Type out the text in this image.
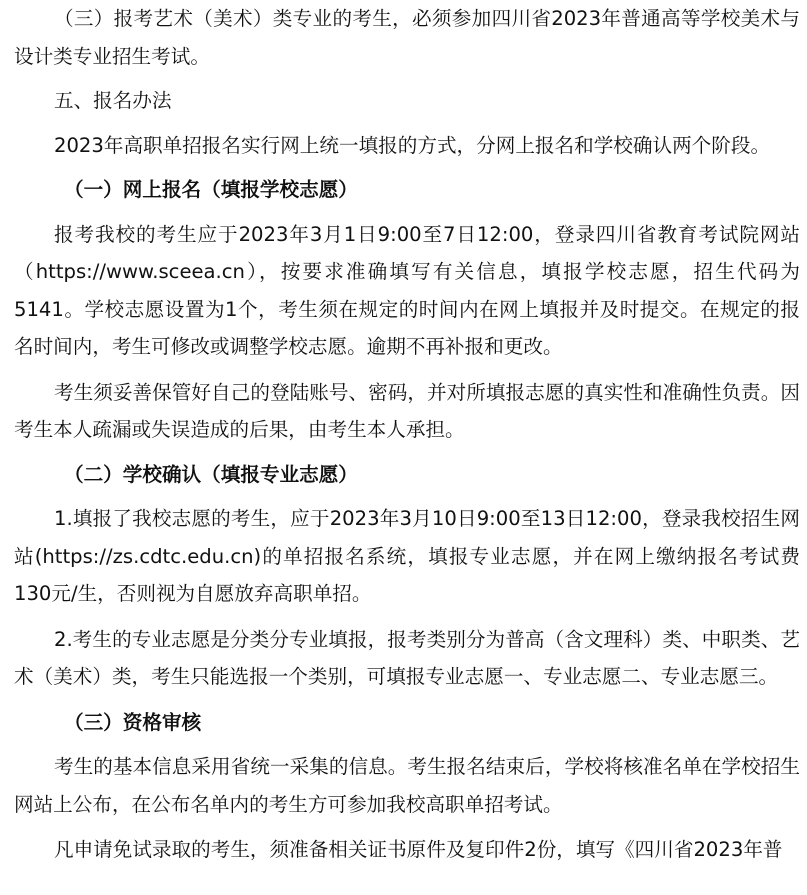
（三）报考艺术（美术）类专业的考生，必须参加四川省2023年普通高等学校美术与设计类专业招生考试。

五、报名办法

2023年高职单招报名实行网上统一填报的方式，分网上报名和学校确认两个阶段。

（一）网上报名（填报学校志愿）

报考我校的考生应于2023年3月1日9:00至7日12:00，登录四川省教育考试院网站（https://www.sceea.cn），按要求准确填写有关信息，填报学校志愿，招生代码为5141。学校志愿设置为1个，考生须在规定的时间内在网上填报并及时提交。在规定的报名时间内，考生可修改或调整学校志愿。逾期不再补报和更改。

考生须妥善保管好自己的登陆账号、密码，并对所填报志愿的真实性和准确性负责。因考生本人疏漏或失误造成的后果，由考生本人承担。

（二）学校确认（填报专业志愿）

1.填报了我校志愿的考生，应于2023年3月10日9:00至13日12:00，登录我校招生网站(https://zs.cdtc.edu.cn)的单招报名系统，填报专业志愿，并在网上缴纳报名考试费130元/生，否则视为自愿放弃高职单招。

2.考生的专业志愿是分类分专业填报，报考类别分为普高（含文理科）类、中职类、艺术（美术）类，考生只能选报一个类别，可填报专业志愿一、专业志愿二、专业志愿三。

（三）资格审核

考生的基本信息采用省统一采集的信息。考生报名结束后，学校将核准名单在学校招生网站上公布，在公布名单内的考生方可参加我校高职单招考试。

凡申请免试录取的考生，须准备相关证书原件及复印件2份，填写《四川省2023年普
